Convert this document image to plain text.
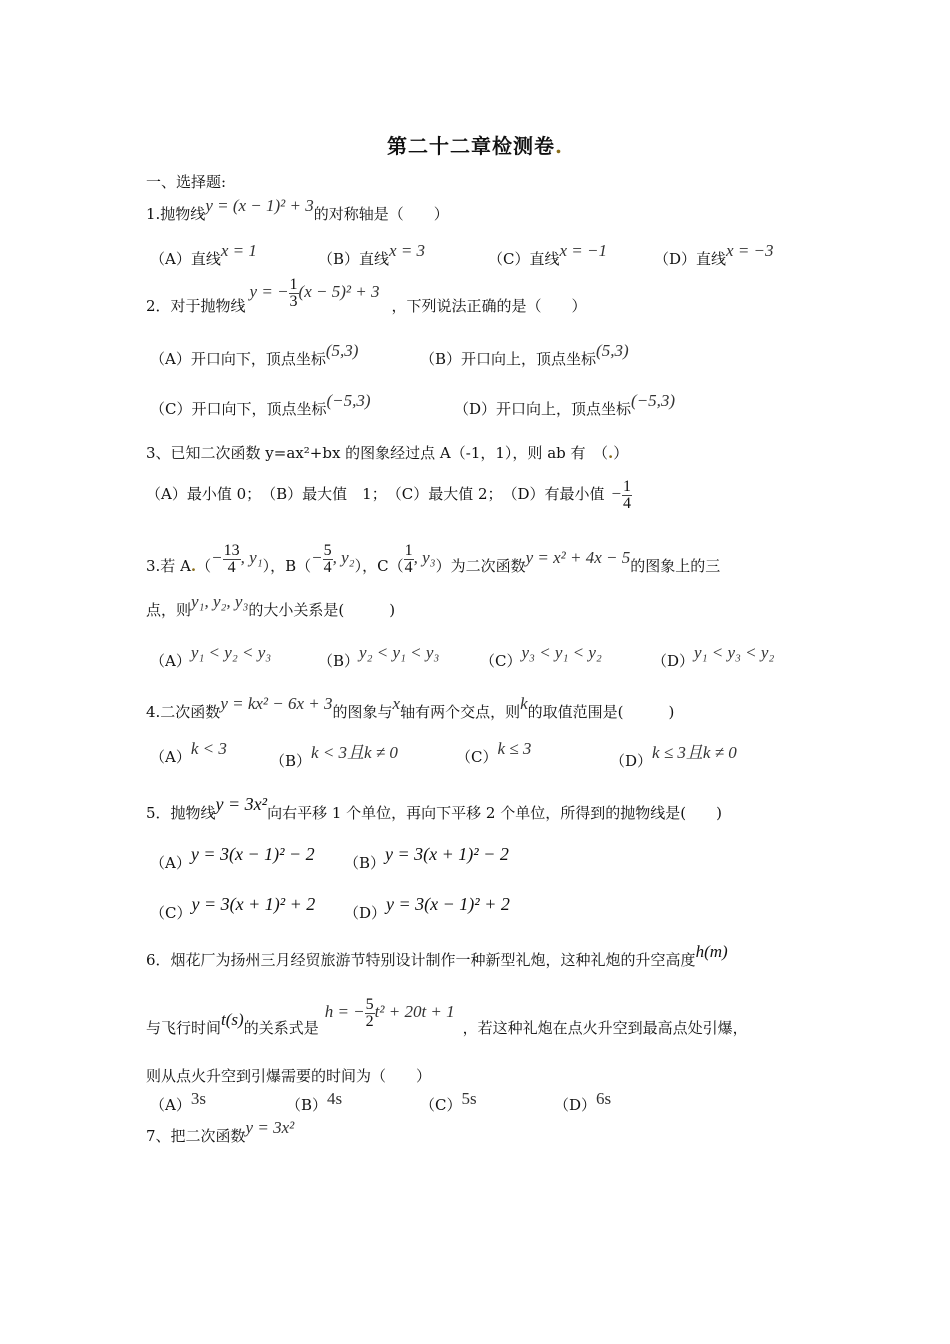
第二十二章检测卷.
一、选择题:
1.抛物线y = (x − 1)² + 3的对称轴是（　　）
（A）直线x = 1	（B）直线x = 3	（C）直线x = −1	（D）直线x = −3
2．对于抛物线y = − $\frac{1}{3} (x - 5)^2 + 3$，下列说法正确的是（　　）
（A）开口向下，顶点坐标(5,3)	（B）开口向上，顶点坐标(5,3)
（C）开口向下，顶点坐标(−5,3)	（D）开口向上，顶点坐标(−5,3)
3、已知二次函数 y=ax²+bx 的图象经过点 A（-1，1），则 ab 有　（.）
（A）最小值 0；　（B）最大值　1；　（C）最大值 2；　（D）有最小值 − $\frac{1}{4}$
3.若 $A.(- \frac{13}{4}$ , y₁），$B(- \frac{5}{4}$ , y₂），$C( \frac{1}{4}$ , y₃）为二次函数y = x² + 4x − 5的图象上的三
点，则y₁, y₂, y₃的大小关系是(　　　)
（A）y₁ < y₂ < y₃	（B）y₂ < y₁ < y₃	（C）y₃ < y₁ < y₂	（D）y₁ < y₃ < y₂
4.二次函数y = kx² − 6x + 3的图象与x轴有两个交点，则k的取值范围是(　　　)
（A）k < 3
（B）k < 3且k ≠ 0	（C）k ≤ 3
（D）k ≤ 3且k ≠ 0
5．抛物线y = 3x²向右平移 1 个单位，再向下平移 2 个单位，所得到的抛物线是(　　)
（A）y = 3(x − 1)² − 2 （B）y = 3(x + 1)² − 2
（C）y = 3(x + 1)² + 2 （D）y = 3(x − 1)² + 2
6．烟花厂为扬州三月经贸旅游节特别设计制作一种新型礼炮，这种礼炮的升空高度h(m)
与飞行时间t(s)的关系式是h = − $\frac{5}{2} t^2 + 20t + 1$，若这种礼炮在点火升空到最高点处引爆，
则从点火升空到引爆需要的时间为（　　）
（A）3s	（B）4s	（C）5s	（D）6s
7、把二次函数y = 3x²
